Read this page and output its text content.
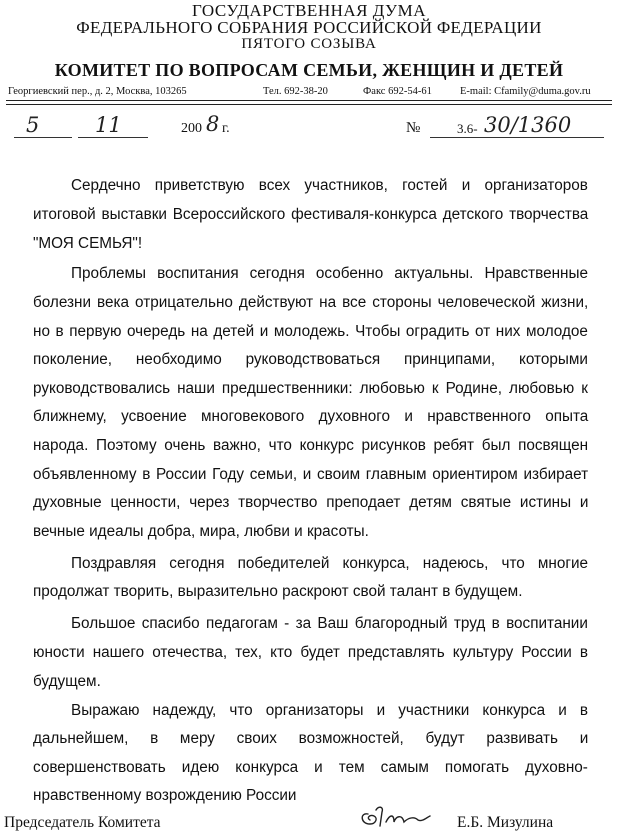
ГОСУДАРСТВЕННАЯ ДУМА
ФЕДЕРАЛЬНОГО СОБРАНИЯ РОССИЙСКОЙ ФЕДЕРАЦИИ
ПЯТОГО СОЗЫВА
КОМИТЕТ ПО ВОПРОСАМ СЕМЬИ, ЖЕНЩИН И ДЕТЕЙ
Георгиевский пер., д. 2, Москва, 103265	Тел. 692-38-20	Факс 692-54-61	E-mail: Cfamily@duma.gov.ru
5	11	200 8 г.	№	3.6- 30/1360
Сердечно приветствую всех участников, гостей и организаторов
итоговой выставки Всероссийского фестиваля-конкурса детского творчества
"МОЯ СЕМЬЯ"!
Проблемы воспитания сегодня особенно актуальны. Нравственные
болезни века отрицательно действуют на все стороны человеческой жизни,
но в первую очередь на детей и молодежь. Чтобы оградить от них молодое
поколение, необходимо руководствоваться принципами, которыми
руководствовались наши предшественники: любовью к Родине, любовью к
ближнему, усвоение многовекового духовного и нравственного опыта
народа. Поэтому очень важно, что конкурс рисунков ребят был посвящен
объявленному в России Году семьи, и своим главным ориентиром избирает
духовные ценности, через творчество преподает детям святые истины и
вечные идеалы добра, мира, любви и красоты.
Поздравляя сегодня победителей конкурса, надеюсь, что многие
продолжат творить, выразительно раскроют свой талант в будущем.
Большое спасибо педагогам - за Ваш благородный труд в воспитании
юности нашего отечества, тех, кто будет представлять культуру России в
будущем.
Выражаю надежду, что организаторы и участники конкурса и в
дальнейшем, в меру своих возможностей, будут развивать и
совершенствовать идею конкурса и тем самым помогать духовно-
нравственному возрождению России
Председатель Комитета	Е.Б. Мизулина
